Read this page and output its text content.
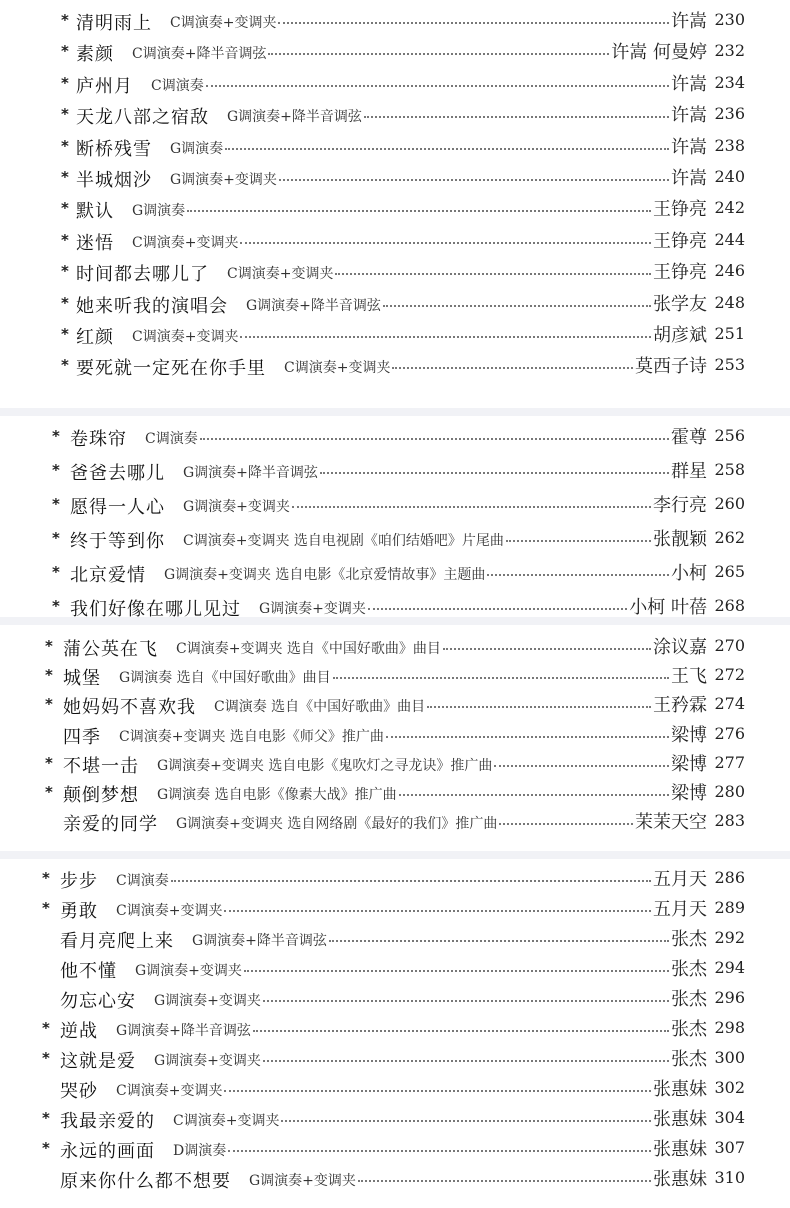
* 清明雨上 C调演奏+变调夹	许嵩 230
* 素颜 C调演奏+降半音调弦	许嵩 何曼婷 232
* 庐州月 C调演奏	许嵩 234
* 天龙八部之宿敌 G调演奏+降半音调弦	许嵩 236
* 断桥残雪 G调演奏	许嵩 238
* 半城烟沙 G调演奏+变调夹	许嵩 240
* 默认 G调演奏	王铮亮 242
* 迷悟 C调演奏+变调夹	王铮亮 244
* 时间都去哪儿了 C调演奏+变调夹	王铮亮 246
* 她来听我的演唱会 G调演奏+降半音调弦	张学友 248
* 红颜 C调演奏+变调夹	胡彦斌 251
* 要死就一定死在你手里 C调演奏+变调夹	莫西子诗 253
* 卷珠帘 C调演奏	霍尊 256
* 爸爸去哪儿 G调演奏+降半音调弦	群星 258
* 愿得一人心 G调演奏+变调夹	李行亮 260
* 终于等到你 C调演奏+变调夹 选自电视剧《咱们结婚吧》片尾曲	张靓颖 262
* 北京爱情 G调演奏+变调夹 选自电影《北京爱情故事》主题曲	小柯 265
* 我们好像在哪儿见过 G调演奏+变调夹	小柯 叶蓓 268
* 蒲公英在飞 C调演奏+变调夹 选自《中国好歌曲》曲目	涂议嘉 270
* 城堡 G调演奏 选自《中国好歌曲》曲目	王飞 272
* 她妈妈不喜欢我 C调演奏 选自《中国好歌曲》曲目	王矜霖 274
四季 C调演奏+变调夹 选自电影《师父》推广曲	梁博 276
* 不堪一击 G调演奏+变调夹 选自电影《鬼吹灯之寻龙诀》推广曲	梁博 277
* 颠倒梦想 G调演奏 选自电影《像素大战》推广曲	梁博 280
亲爱的同学 G调演奏+变调夹 选自网络剧《最好的我们》推广曲	茉茉天空 283
* 步步 C调演奏	五月天 286
* 勇敢 C调演奏+变调夹	五月天 289
看月亮爬上来 G调演奏+降半音调弦	张杰 292
他不懂 G调演奏+变调夹	张杰 294
勿忘心安 G调演奏+变调夹	张杰 296
* 逆战 G调演奏+降半音调弦	张杰 298
* 这就是爱 G调演奏+变调夹	张杰 300
哭砂 C调演奏+变调夹	张惠妹 302
* 我最亲爱的 C调演奏+变调夹	张惠妹 304
* 永远的画面 D调演奏	张惠妹 307
原来你什么都不想要 G调演奏+变调夹	张惠妹 310
